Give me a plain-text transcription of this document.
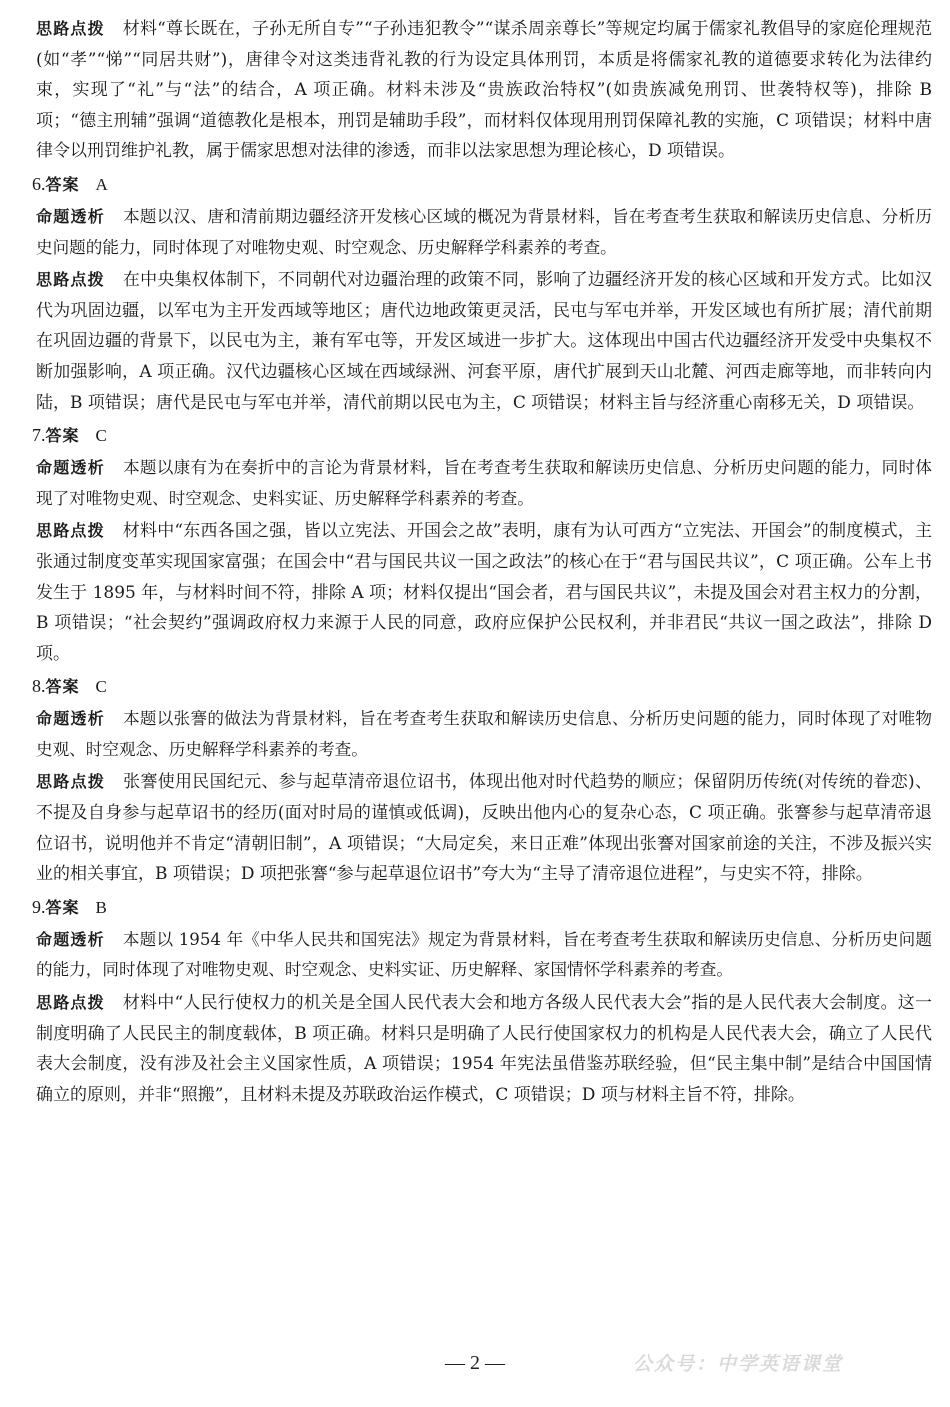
思路点拨 材料“尊长既在，子孙无所自专”“子孙违犯教令”“谋杀周亲尊长”等规定均属于儒家礼教倡导的家庭伦理规范(如“孝”“悌”“同居共财”)，唐律令对这类违背礼教的行为设定具体刑罚，本质是将儒家礼教的道德要求转化为法律约束，实现了“礼”与“法”的结合，A 项正确。材料未涉及“贵族政治特权”(如贵族减免刑罚、世袭特权等)，排除 B 项；“德主刑辅”强调“道德教化是根本，刑罚是辅助手段”，而材料仅体现用刑罚保障礼教的实施，C 项错误；材料中唐律令以刑罚维护礼教，属于儒家思想对法律的渗透，而非以法家思想为理论核心，D 项错误。

6.答案 A

命题透析 本题以汉、唐和清前期边疆经济开发核心区域的概况为背景材料，旨在考查考生获取和解读历史信息、分析历史问题的能力，同时体现了对唯物史观、时空观念、历史解释学科素养的考查。

思路点拨 在中央集权体制下，不同朝代对边疆治理的政策不同，影响了边疆经济开发的核心区域和开发方式。比如汉代为巩固边疆，以军屯为主开发西域等地区；唐代边地政策更灵活，民屯与军屯并举，开发区域也有所扩展；清代前期在巩固边疆的背景下，以民屯为主，兼有军屯等，开发区域进一步扩大。这体现出中国古代边疆经济开发受中央集权不断加强影响，A 项正确。汉代边疆核心区域在西域绿洲、河套平原，唐代扩展到天山北麓、河西走廊等地，而非转向内陆，B 项错误；唐代是民屯与军屯并举，清代前期以民屯为主，C 项错误；材料主旨与经济重心南移无关，D 项错误。

7.答案 C

命题透析 本题以康有为在奏折中的言论为背景材料，旨在考查考生获取和解读历史信息、分析历史问题的能力，同时体现了对唯物史观、时空观念、史料实证、历史解释学科素养的考查。

思路点拨 材料中“东西各国之强，皆以立宪法、开国会之故”表明，康有为认可西方“立宪法、开国会”的制度模式，主张通过制度变革实现国家富强；在国会中“君与国民共议一国之政法”的核心在于“君与国民共议”，C 项正确。公车上书发生于 1895 年，与材料时间不符，排除 A 项；材料仅提出“国会者，君与国民共议”，未提及国会对君主权力的分割，B 项错误；“社会契约”强调政府权力来源于人民的同意，政府应保护公民权利，并非君民“共议一国之政法”，排除 D 项。

8.答案 C

命题透析 本题以张謇的做法为背景材料，旨在考查考生获取和解读历史信息、分析历史问题的能力，同时体现了对唯物史观、时空观念、历史解释学科素养的考查。

思路点拨 张謇使用民国纪元、参与起草清帝退位诏书，体现出他对时代趋势的顺应；保留阴历传统(对传统的眷恋)、不提及自身参与起草诏书的经历(面对时局的谨慎或低调)，反映出他内心的复杂心态，C 项正确。张謇参与起草清帝退位诏书，说明他并不肯定“清朝旧制”，A 项错误；“大局定矣，来日正难”体现出张謇对国家前途的关注，不涉及振兴实业的相关事宜，B 项错误；D 项把张謇“参与起草退位诏书”夸大为“主导了清帝退位进程”，与史实不符，排除。

9.答案 B

命题透析 本题以 1954 年《中华人民共和国宪法》规定为背景材料，旨在考查考生获取和解读历史信息、分析历史问题的能力，同时体现了对唯物史观、时空观念、史料实证、历史解释、家国情怀学科素养的考查。

思路点拨 材料中“人民行使权力的机关是全国人民代表大会和地方各级人民代表大会”指的是人民代表大会制度。这一制度明确了人民民主的制度载体，B 项正确。材料只是明确了人民行使国家权力的机构是人民代表大会，确立了人民代表大会制度，没有涉及社会主义国家性质，A 项错误；1954 年宪法虽借鉴苏联经验，但“民主集中制”是结合中国国情确立的原则，并非“照搬”，且材料未提及苏联政治运作模式，C 项错误；D 项与材料主旨不符，排除。

— 2 —	公众号：中学英语课堂
